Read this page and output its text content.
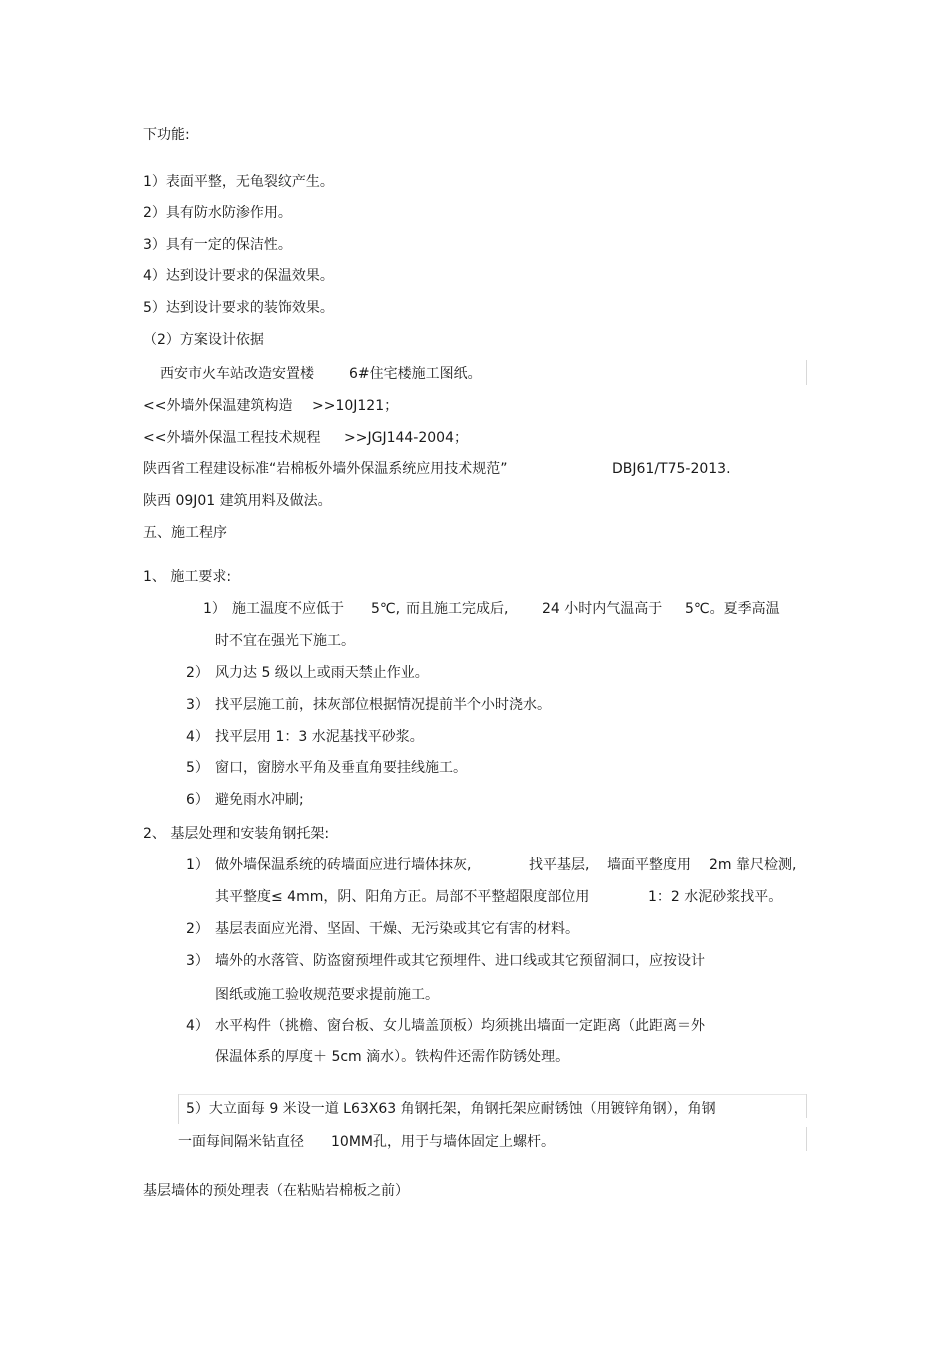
下功能:
1）表面平整，无龟裂纹产生。
2）具有防水防渗作用。
3）具有一定的保洁性。
4）达到设计要求的保温效果。
5）达到设计要求的装饰效果。
（2）方案设计依据
西安市火车站改造安置楼	6#住宅楼施工图纸。
<<外墙外保温建筑构造 >>10J121；
<<外墙外保温工程技术规程 >>JGJ144-2004；
陕西省工程建设标准“岩棉板外墙外保温系统应用技术规范”	DBJ61/T75-2013.
陕西 09J01 建筑用料及做法。
五、施工程序
1、 施工要求:
1） 施工温度不应低于 5℃, 而且施工完成后, 24 小时内气温高于 5℃。夏季高温
时不宜在强光下施工。
2） 风力达 5 级以上或雨天禁止作业。
3） 找平层施工前，抹灰部位根据情况提前半个小时浇水。
4） 找平层用 1：3 水泥基找平砂浆。
5） 窗口，窗膀水平角及垂直角要挂线施工。
6） 避免雨水冲刷;
2、 基层处理和安装角钢托架:
1） 做外墙保温系统的砖墙面应进行墙体抹灰,	找平基层, 墙面平整度用 2m 靠尺检测,
其平整度≤ 4mm，阴、阳角方正。局部不平整超限度部位用	1：2 水泥砂浆找平。
2） 基层表面应光滑、坚固、干燥、无污染或其它有害的材料。
3） 墙外的水落管、防盗窗预埋件或其它预埋件、进口线或其它预留洞口，应按设计
图纸或施工验收规范要求提前施工。
4） 水平构件（挑檐、窗台板、女儿墙盖顶板）均须挑出墙面一定距离（此距离＝外
保温体系的厚度＋ 5cm 滴水）。铁构件还需作防锈处理。
5）大立面每 9 米设一道 L63X63 角钢托架，角钢托架应耐锈蚀（用镀锌角钢），角钢
一面每间隔米钻直径 10MM孔，用于与墙体固定上螺杆。
基层墙体的预处理表（在粘贴岩棉板之前）
